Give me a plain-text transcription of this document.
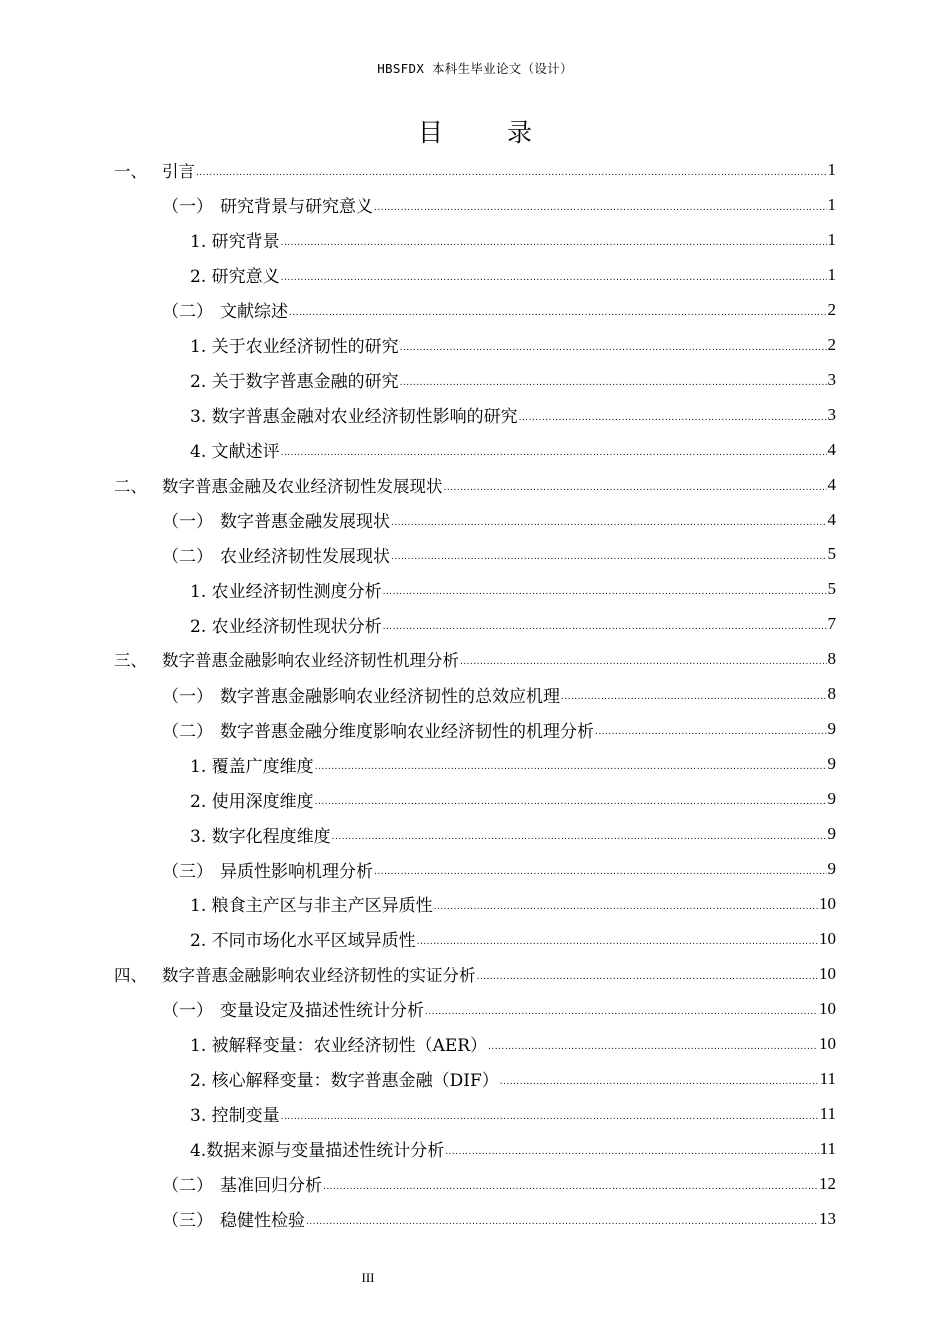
HBSFDX 本科生毕业论文（设计）
目 录
一、 引言 . . .	1
（一） 研究背景与研究意义 . . .	1
1. 研究背景 . . .	1
2. 研究意义 . . .	1
（二） 文献综述 . . .	2
1. 关于农业经济韧性的研究 . . .	2
2. 关于数字普惠金融的研究 . . .	3
3. 数字普惠金融对农业经济韧性影响的研究 . . .	3
4. 文献述评 . . .	4
二、 数字普惠金融及农业经济韧性发展现状 . . .	4
（一） 数字普惠金融发展现状 . . .	4
（二） 农业经济韧性发展现状 . . .	5
1. 农业经济韧性测度分析 . . .	5
2. 农业经济韧性现状分析 . . .	7
三、 数字普惠金融影响农业经济韧性机理分析 . . .	8
（一） 数字普惠金融影响农业经济韧性的总效应机理 . . .	8
（二） 数字普惠金融分维度影响农业经济韧性的机理分析 . . .	9
1. 覆盖广度维度 . . .	9
2. 使用深度维度 . . .	9
3. 数字化程度维度 . . .	9
（三） 异质性影响机理分析 . . .	9
1. 粮食主产区与非主产区异质性 . . .	10
2. 不同市场化水平区域异质性 . . .	10
四、 数字普惠金融影响农业经济韧性的实证分析 . . .	10
（一） 变量设定及描述性统计分析 . . .	10
1. 被解释变量：农业经济韧性（AER） . . .	10
2. 核心解释变量：数字普惠金融（DIF） . . .	11
3. 控制变量 . . .	11
4.数据来源与变量描述性统计分析 . . .	11
（二） 基准回归分析 . . .	12
（三） 稳健性检验 . . .	13
III
